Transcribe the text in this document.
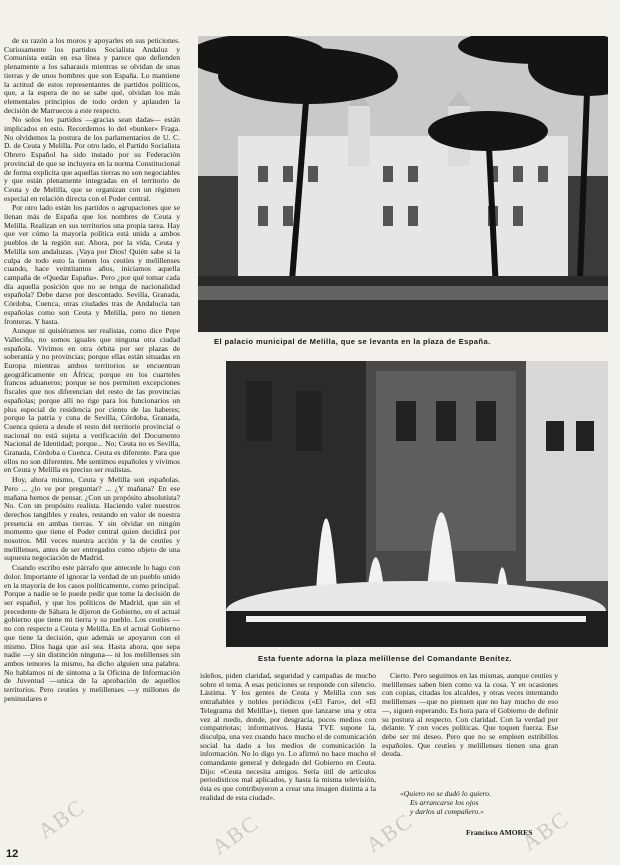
de su razón a los moros y apoyarles en sus peticiones. Curiosamente los partidos Socialista Andaluz y Comunista están en esa línea y parece que defienden plenamente a los saharauis mientras se olvidan de unas tierras y de unos hombres que son España. Lo mantiene la actitud de estos representantes de partidos políticos, que, a la espera de no se sabe qué, olvidan los más elementales principios de todo orden y aplauden la decisión de Marruecos a este respecto.

No solos los partidos —gracias sean dadas— están implicados en esto. Recordemos lo del «bunker» Fraga. No olvidemos la postura de los parlamentarios de U. C. D. de Ceuta y Melilla. Por otro lado, el Partido Socialista Obrero Español ha sido instado por su Federación provincial de que se incluyera en la norma Constitucional de forma explícita que aquellas tierras no son negociables y que están plenamente integradas en el territorio de Ceuta y de Melilla, que se organizan con un régimen especial en relación directa con el Poder central.

Por otro lado están los partidos o agrupaciones que se llenan más de España que los nombres de Ceuta y Melilla. Realizan en sus territorios una propia tarea. Hay que ver cómo la mayoría política está unida a ambos pueblos de la región sur. Ahora, por la vida, Ceuta y Melilla son andaluzas. ¡Vaya por Dios! Quién sabe si la culpa de todo esto la tienen los ceutíes y melillenses cuando, hace veintitantos años, iniciamos aquella campaña de «Quedar España». Pero ¿por qué tomar cada día aquella posición que no se tenga de nacionalidad española? Debe darse por descontado. Sevilla, Granada, Córdoba, Cuenca, otras ciudades tras de Andalucía tan españolas como son Ceuta y Melilla, pero no tienen fronteras. Y basta.

Aunque ni quisiéramos ser realistas, como dice Pepe Valleciño, no somos iguales que ninguna otra ciudad española. Vivimos en otra órbita por ser plazas de soberanía y no provincias; porque ellas están situadas en Europa mientras ambos territorios se encuentran geográficamente en África; porque en los cuarteles francos aduaneros; porque se nos permiten excepciones fiscales que nos diferencian del resto de las provincias españolas; porque allí no rige para los funcionarios un plus especial de residencia por ciento de las haberes; porque la patria y cuna de Sevilla, Córdoba, Granada, Cuenca quiera a desde el resto del territorio provincial o nacional no está sujeta a verificación del Documento Nacional de Identidad; porque... No; Ceuta no es Sevilla, Granada, Córdoba o Cuenca. Ceuta es diferente. Para que ellos no son diferentes. Me sentimos españoles y vivimos en Ceuta y Melilla es preciso ser realistas.

Hoy, ahora mismo, Ceuta y Melilla son españolas. Pero ... ¿lo ve por preguntar? ... ¿Y mañana? En ese mañana hemos de pensar. ¿Con un propósito absolutista? No. Con un propósito realista. Haciendo valer nuestros derechos tangibles y reales, restando en valor de nuestra presencia en ambas tierras. Y sin olvidar en ningún momento que tiene el Poder central quien decidirá por nosotros. Mil veces nuestra acción y la de ceutíes y melillenses, antes de ser entregados como objeto de una supuesta negociación de Madrid.

Cuando escribo este párrafo que antecede lo hago con dolor. Importante el ignorar la verdad de un pueblo unido en la mayoría de los casos políticamente, como principal. Porque a nadie se le puede pedir que tome la decisión de ser español, y que los políticos de Madrid, que sin el precedente de Sáhara le dijeron de Gobierno, en el actual gobierno que tiene mi tierra y su pueblo. Los ceutíes —no con respecto a Ceuta y Melilla. En el actual Gobierno que tiene la decisión, que además se apoyaron con el mismo. Dios haga que así sea. Hasta ahora, que sepa nadie —y sin distinción ninguna— ni los melillenses sin ambos temores la mismo, ha dicho alguien una palabra. No hablamos ni de sintoma a la Oficina de Información de Juventud —unica de la aprobación de aquellos territorios. Pero ceutíes y melillenses —y millones de peninsulares e

El palacio municipal de Melilla, que se levanta en la plaza de España.
Esta fuente adorna la plaza melillense del Comandante Benítez.

isleños, piden claridad, seguridad y campañas de mucho sobre el tema. A esas peticiones se responde con silencio. Lástima. Y los gentes de Ceuta y Melilla con sus entrañables y nobles periódicos («El Faro», del «El Telegrama del Melilla»), tienen que lanzarse una y otra vez al ruedo, donde, por desgracia, pocos medios con compatriotas; informativos. Hasta TVE supone la, disculpa, una vez cuando hace mucho el de comunicación social ha dado a los medios de comunicación la información. No lo digo yo. Lo afirmó no hace mucho el comandante general y delegado del Gobierno en Ceuta. Dijo: «Ceuta necesita amigos. Sería útil de artículos periodísticos mal aplicados, y hasta la misma televisión, ésta es que contribuyeron a crear una imagen distinta a la realidad de esta ciudad».

Cierto. Pero seguimos en las mismas, aunque ceutíes y melillenses saben bien como va la cosa. Y en ocasiones con copias, citadas los alcaldes, y otras veces intentando melillenses —que no piensen que no hay mucho de eso—, siguen esperando. Es hora para el Gobierno de definir su postura al respecto. Con claridad. Con la verdad por delante. Y con voces políticas. Que toquen fuerza. Ese debe ser mi deseo. Pero que no se empleen estribillos españoles. Que ceutíes y melillenses tienen una gran deuda.

«Quiero no se dudó lo quiero.
Es arrancarse los ojos
y darlos al compañero.»
Francisco AMORES
12
ABC	ABC	ABC	ABC
